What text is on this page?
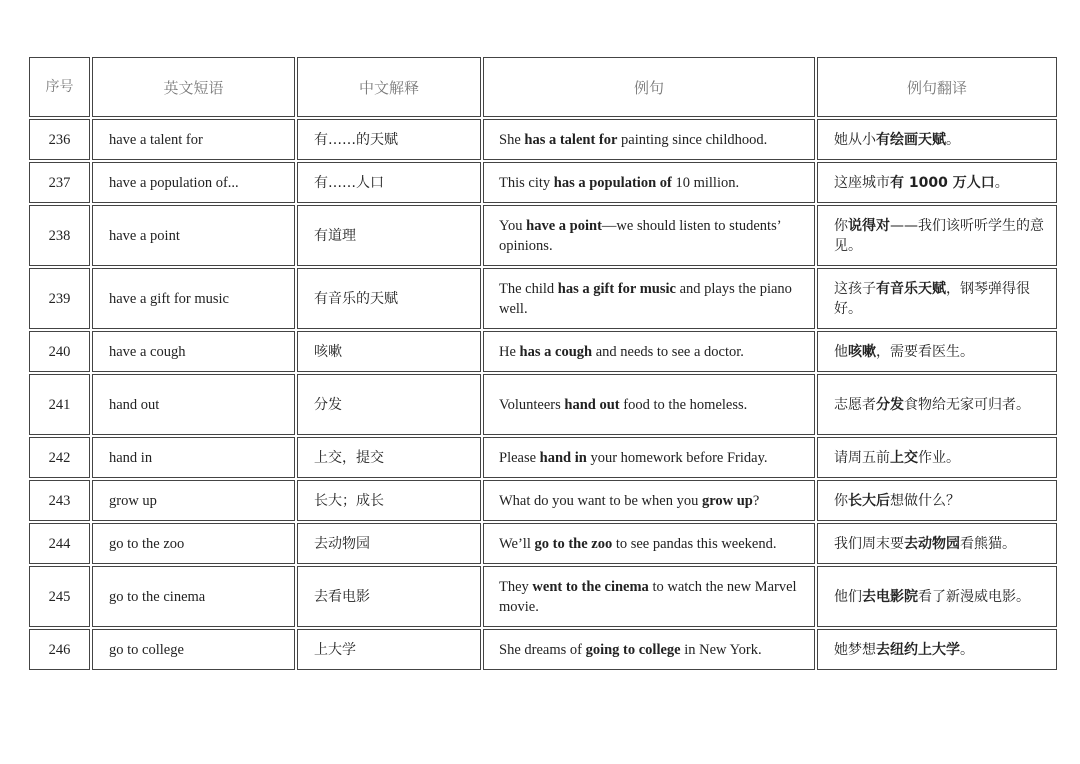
序号	英文短语	中文解释	例句	例句翻译
236	have a talent for	有……的天赋	She has a talent for painting since childhood.	她从小有绘画天赋。
237	have a population of...	有……人口	This city has a population of 10 million.	这座城市有 1000 万人口。
238	have a point	有道理	You have a point—we should listen to students’ opinions.	你说得对——我们该听听学生的意见。
239	have a gift for music	有音乐的天赋	The child has a gift for music and plays the piano well.	这孩子有音乐天赋，钢琴弹得很好。
240	have a cough	咳嗽	He has a cough and needs to see a doctor.	他咳嗽，需要看医生。
241	hand out	分发	Volunteers hand out food to the homeless.	志愿者分发食物给无家可归者。
242	hand in	上交，提交	Please hand in your homework before Friday.	请周五前上交作业。
243	grow up	长大；成长	What do you want to be when you grow up?	你长大后想做什么？
244	go to the zoo	去动物园	We’ll go to the zoo to see pandas this weekend.	我们周末要去动物园看熊猫。
245	go to the cinema	去看电影	They went to the cinema to watch the new Marvel movie.	他们去电影院看了新漫威电影。
246	go to college	上大学	She dreams of going to college in New York.	她梦想去纽约上大学。
